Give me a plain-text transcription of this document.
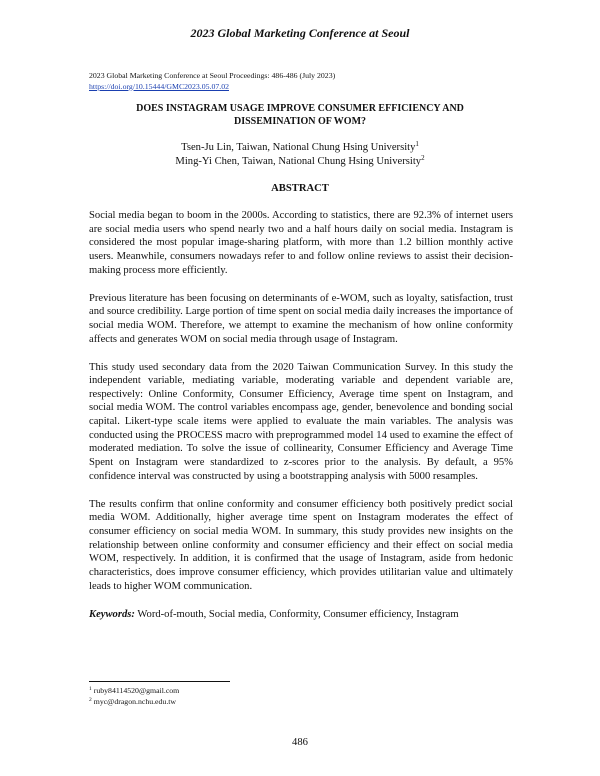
2023 Global Marketing Conference at Seoul
2023 Global Marketing Conference at Seoul Proceedings: 486-486 (July 2023)
https://doi.org/10.15444/GMC2023.05.07.02
DOES INSTAGRAM USAGE IMPROVE CONSUMER EFFICIENCY AND
DISSEMINATION OF WOM?
Tsen-Ju Lin, Taiwan, National Chung Hsing University$^1$
Ming-Yi Chen, Taiwan, National Chung Hsing University$^2$
ABSTRACT

Social media began to boom in the 2000s. According to statistics, there are 92.3% of internet users are social media users who spend nearly two and a half hours daily on social media. Instagram is considered the most popular image-sharing platform, with more than 1.2 billion monthly active users. Meanwhile, consumers nowadays refer to and follow online reviews to assist their decision-making process more efficiently.

Previous literature has been focusing on determinants of e-WOM, such as loyalty, satisfaction, trust and source credibility. Large portion of time spent on social media daily increases the importance of social media WOM. Therefore, we attempt to examine the mechanism of how online conformity affects and generates WOM on social media through usage of Instagram.

This study used secondary data from the 2020 Taiwan Communication Survey. In this study the independent variable, mediating variable, moderating variable and dependent variable are, respectively: Online Conformity, Consumer Efficiency, Average time spent on Instagram, and social media WOM. The control variables encompass age, gender, benevolence and bonding social capital. Likert-type scale items were applied to evaluate the main variables. The analysis was conducted using the PROCESS macro with preprogrammed model 14 used to examine the effect of moderated mediation. To solve the issue of collinearity, Consumer Efficiency and Average Time Spent on Instagram were standardized to z-scores prior to the analysis. By default, a 95% confidence interval was constructed by using a bootstrapping analysis with 5000 resamples.

The results confirm that online conformity and consumer efficiency both positively predict social media WOM. Additionally, higher average time spent on Instagram moderates the effect of consumer efficiency on social media WOM. In summary, this study provides new insights on the relationship between online conformity and consumer efficiency and their effect on social media WOM, respectively. In addition, it is confirmed that the usage of Instagram, aside from hedonic characteristics, does improve consumer efficiency, which provides utilitarian value and ultimately leads to higher WOM communication.

Keywords: Word-of-mouth, Social media, Conformity, Consumer efficiency, Instagram
$^1$ ruby84114520@gmail.com
$^2$ myc@dragon.nchu.edu.tw
486
